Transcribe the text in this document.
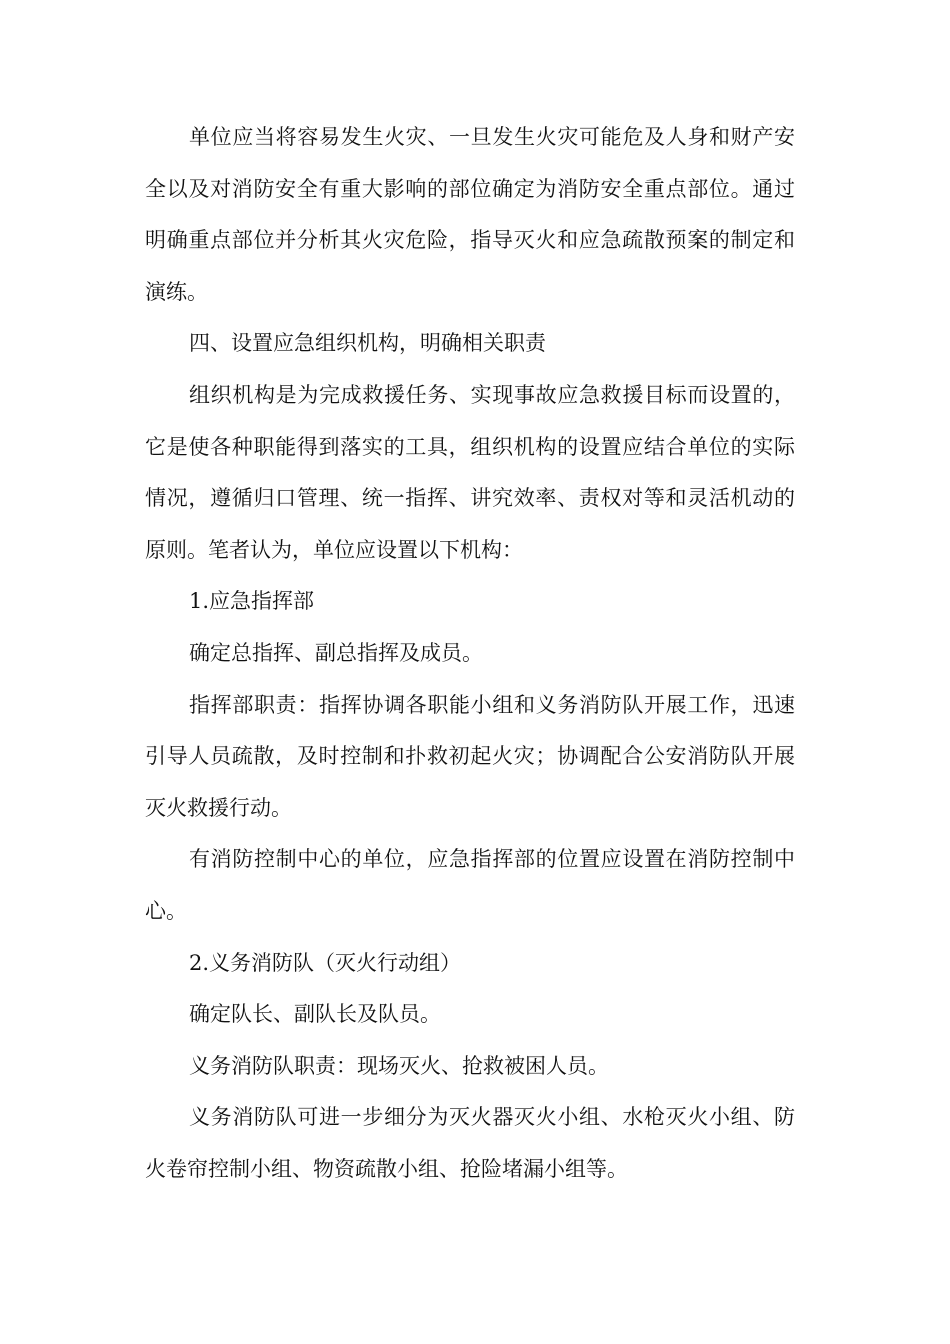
单位应当将容易发生火灾、一旦发生火灾可能危及人身和财产安全以及对消防安全有重大影响的部位确定为消防安全重点部位。通过明确重点部位并分析其火灾危险，指导灭火和应急疏散预案的制定和演练。

四、设置应急组织机构，明确相关职责

组织机构是为完成救援任务、实现事故应急救援目标而设置的，它是使各种职能得到落实的工具，组织机构的设置应结合单位的实际情况，遵循归口管理、统一指挥、讲究效率、责权对等和灵活机动的原则。笔者认为，单位应设置以下机构：

1.应急指挥部

确定总指挥、副总指挥及成员。

指挥部职责：指挥协调各职能小组和义务消防队开展工作，迅速引导人员疏散，及时控制和扑救初起火灾；协调配合公安消防队开展灭火救援行动。

有消防控制中心的单位，应急指挥部的位置应设置在消防控制中心。

2.义务消防队（灭火行动组）

确定队长、副队长及队员。

义务消防队职责：现场灭火、抢救被困人员。

义务消防队可进一步细分为灭火器灭火小组、水枪灭火小组、防火卷帘控制小组、物资疏散小组、抢险堵漏小组等。
